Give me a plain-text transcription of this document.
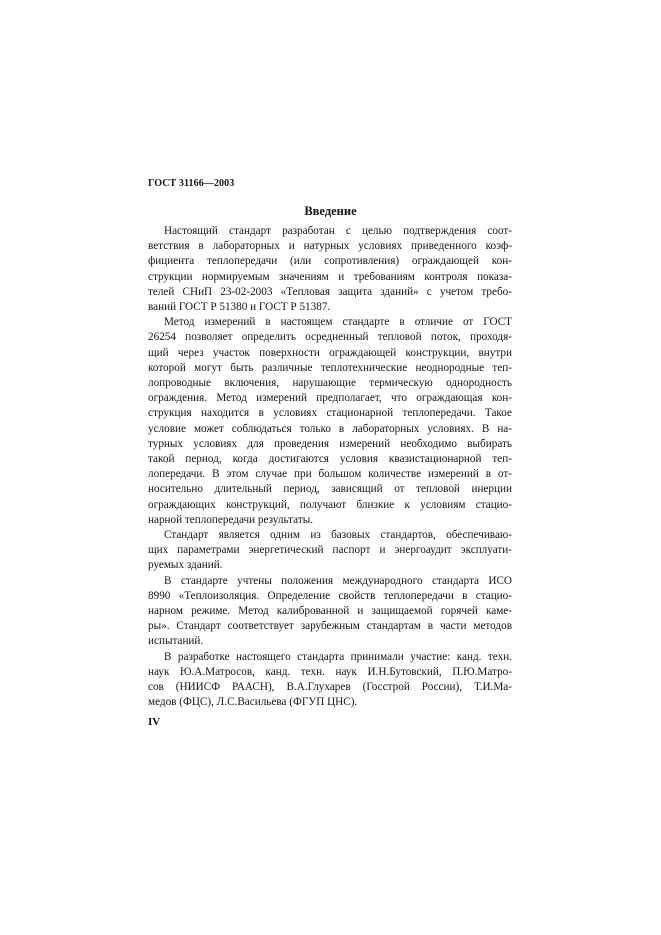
ГОСТ 31166—2003
Введение
Настоящий стандарт разработан с целью подтверждения соот-
ветствия в лабораторных и натурных условиях приведенного коэф-
фициента теплопередачи (или сопротивления) ограждающей кон-
струкции нормируемым значениям и требованиям контроля показа-
телей СНиП 23-02-2003 «Тепловая защита зданий» с учетом требо-
ваний ГОСТ Р 51380 и ГОСТ Р 51387.
Метод измерений в настоящем стандарте в отличие от ГОСТ
26254 позволяет определить осредненный тепловой поток, проходя-
щий через участок поверхности ограждающей конструкции, внутри
которой могут быть различные теплотехнические неоднородные теп-
лопроводные включения, нарушающие термическую однородность
ограждения. Метод измерений предполагает, что ограждающая кон-
струкция находится в условиях стационарной теплопередачи. Такое
условие может соблюдаться только в лабораторных условиях. В на-
турных условиях для проведения измерений необходимо выбирать
такой период, когда достигаются условия квазистационарной теп-
лопередачи. В этом случае при большом количестве измерений в от-
носительно длительный период, зависящий от тепловой инерции
ограждающих конструкций, получают близкие к условиям стацио-
нарной теплопередачи результаты.
Стандарт является одним из базовых стандартов, обеспечиваю-
щих параметрами энергетический паспорт и энергоаудит эксплуати-
руемых зданий.
В стандарте учтены положения международного стандарта ИСО
8990 «Теплоизоляция. Определение свойств теплопередачи в стацио-
нарном режиме. Метод калиброванной и защищаемой горячей каме-
ры». Стандарт соответствует зарубежным стандартам в части методов
испытаний.
В разработке настоящего стандарта принимали участие: канд. техн.
наук Ю.А.Матросов, канд. техн. наук И.Н.Бутовский, П.Ю.Матро-
сов (НИИСФ РААСН), В.А.Глухарев (Госстрой России), Т.И.Ма-
медов (ФЦС), Л.С.Васильева (ФГУП ЦНС).
IV
